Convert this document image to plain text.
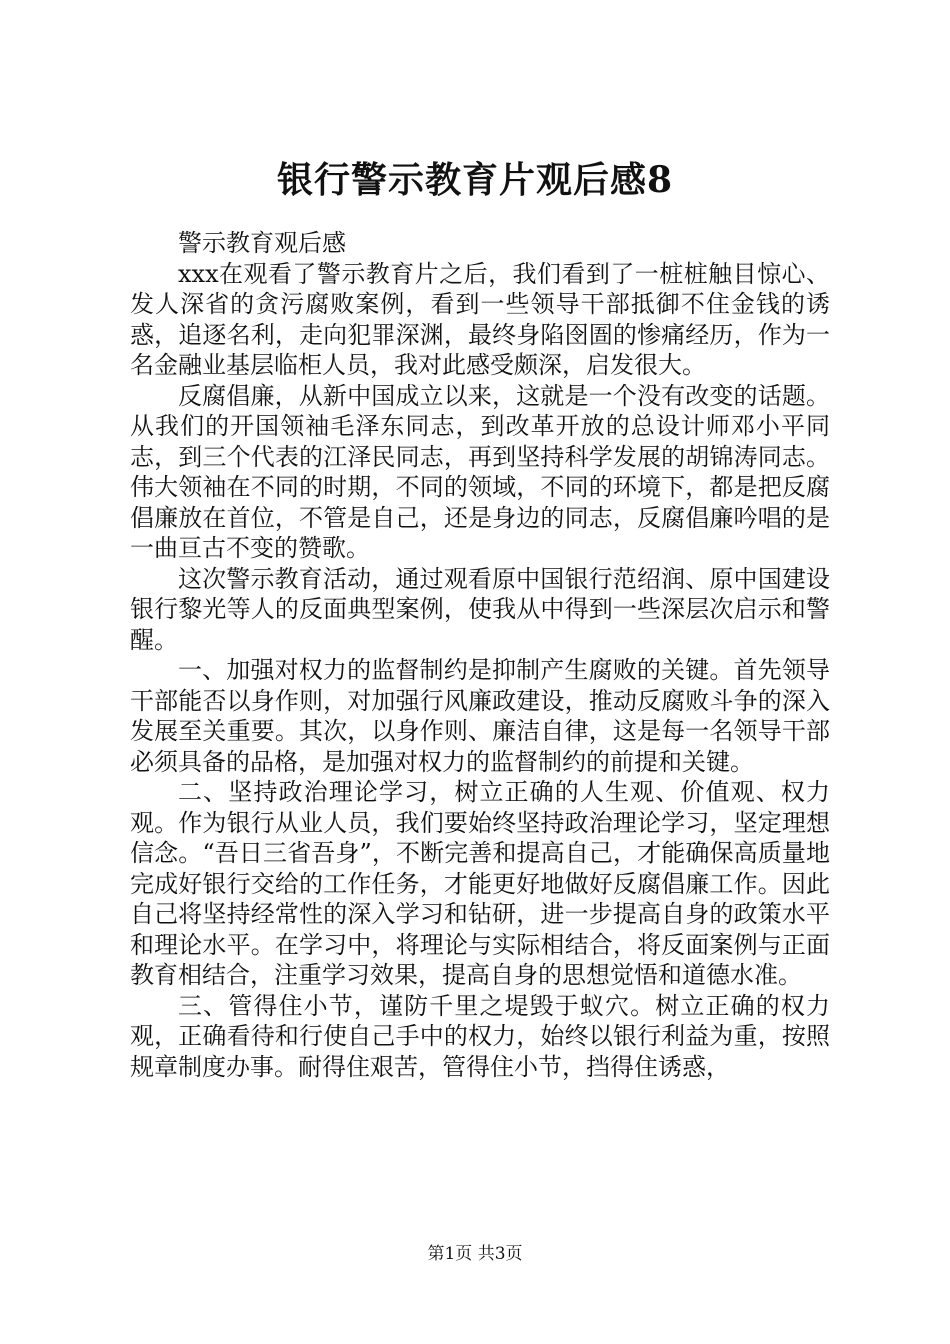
银行警示教育片观后感8

警示教育观后感

xxx在观看了警示教育片之后，我们看到了一桩桩触目惊心、发人深省的贪污腐败案例，看到一些领导干部抵御不住金钱的诱惑，追逐名利，走向犯罪深渊，最终身陷囹圄的惨痛经历，作为一名金融业基层临柜人员，我对此感受颇深，启发很大。

反腐倡廉，从新中国成立以来，这就是一个没有改变的话题。从我们的开国领袖毛泽东同志，到改革开放的总设计师邓小平同志，到三个代表的江泽民同志，再到坚持科学发展的胡锦涛同志。伟大领袖在不同的时期，不同的领域，不同的环境下，都是把反腐倡廉放在首位，不管是自己，还是身边的同志，反腐倡廉吟唱的是一曲亘古不变的赞歌。

这次警示教育活动，通过观看原中国银行范绍润、原中国建设银行黎光等人的反面典型案例，使我从中得到一些深层次启示和警醒。

一、加强对权力的监督制约是抑制产生腐败的关键。首先领导干部能否以身作则，对加强行风廉政建设，推动反腐败斗争的深入发展至关重要。其次，以身作则、廉洁自律，这是每一名领导干部必须具备的品格，是加强对权力的监督制约的前提和关键。

二、坚持政治理论学习，树立正确的人生观、价值观、权力观。作为银行从业人员，我们要始终坚持政治理论学习，坚定理想信念。“吾日三省吾身”，不断完善和提高自己，才能确保高质量地完成好银行交给的工作任务，才能更好地做好反腐倡廉工作。因此自己将坚持经常性的深入学习和钻研，进一步提高自身的政策水平和理论水平。在学习中，将理论与实际相结合，将反面案例与正面教育相结合，注重学习效果，提高自身的思想觉悟和道德水准。

三、管得住小节，谨防千里之堤毁于蚁穴。树立正确的权力观，正确看待和行使自己手中的权力，始终以银行利益为重，按照规章制度办事。耐得住艰苦，管得住小节，挡得住诱惑，

第1页 共3页
